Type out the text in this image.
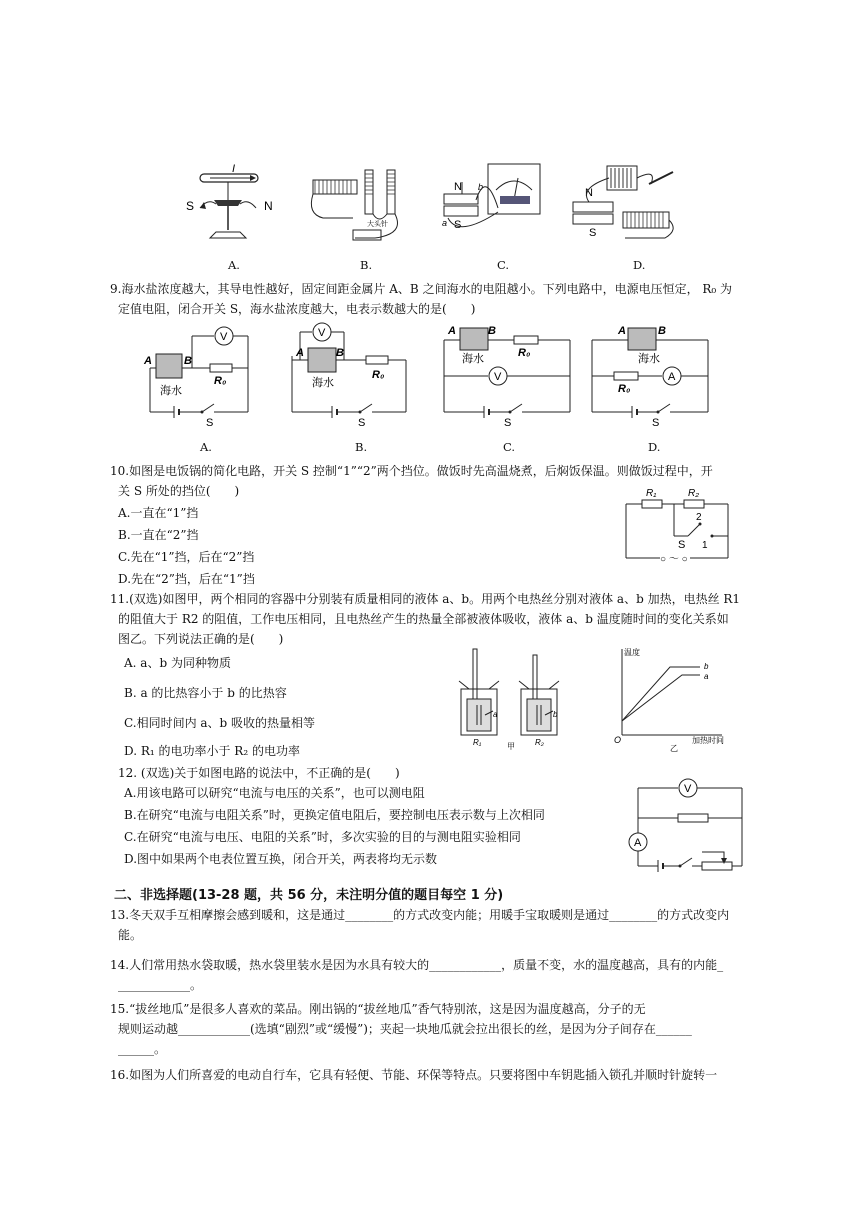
I
S	N
大头针
N
S
a
b	N
S
A.	B.	C.	D.
9.海水盐浓度越大，其导电性越好，固定间距金属片 A、B 之间海水的电阻越小。下列电路中，电源电压恒定， R₀ 为
定值电阻，闭合开关 S，海水盐浓度越大，电表示数越大的是(　　)
V
A	B
海水
R₀
S
A.
V
A	B
海水
R₀
S
B.
V
A	B
海水	R₀
S
C.
A
A	B
海水
R₀
S
D.
10.如图是电饭锅的简化电路，开关 S 控制“1”“2”两个挡位。做饭时先高温烧煮，后焖饭保温。则做饭过程中，开
关 S 所处的挡位(　　)
A.一直在“1”挡
B.一直在“2”挡
C.先在“1”挡，后在“2”挡
D.先在“2”挡，后在“1”挡
○ ～ ○
R₁	R₂
S
2
1
11.(双选)如图甲，两个相同的容器中分别装有质量相同的液体 a、b。用两个电热丝分别对液体 a、b 加热，电热丝 R1
的阻值大于 R2 的阻值，工作电压相同，且电热丝产生的热量全部被液体吸收，液体 a、b 温度随时间的变化关系如
图乙。下列说法正确的是(　　)
A. a、b 为同种物质
B. a 的比热容小于 b 的比热容
C.相同时间内 a、b 吸收的热量相等
D. R₁ 的电功率小于 R₂ 的电功率
a	b
R₁	R₂
甲
温度
加热时间
O
b
a
乙
12. (双选)关于如图电路的说法中，不正确的是(　　)
A.用该电路可以研究“电流与电压的关系”，也可以测电阻
B.在研究“电流与电阻关系”时，更换定值电阻后，要控制电压表示数与上次相同
C.在研究“电流与电压、电阻的关系”时，多次实验的目的与测电阻实验相同
D.图中如果两个电表位置互换，闭合开关，两表将均无示数
V
A
二、非选择题(13-28 题，共 56 分，未注明分值的题目每空 1 分)
13.冬天双手互相摩擦会感到暖和，这是通过________的方式改变内能；用暖手宝取暖则是通过________的方式改变内
能。
14.人们常用热水袋取暖，热水袋里装水是因为水具有较大的____________，质量不变，水的温度越高，具有的内能_
____________。
15.“拔丝地瓜”是很多人喜欢的菜品。刚出锅的“拔丝地瓜”香气特别浓，这是因为温度越高，分子的无
规则运动越____________(选填“剧烈”或“缓慢”)；夹起一块地瓜就会拉出很长的丝，是因为分子间存在______
______。
16.如图为人们所喜爱的电动自行车，它具有轻便、节能、环保等特点。只要将图中车钥匙插入锁孔并顺时针旋转一
